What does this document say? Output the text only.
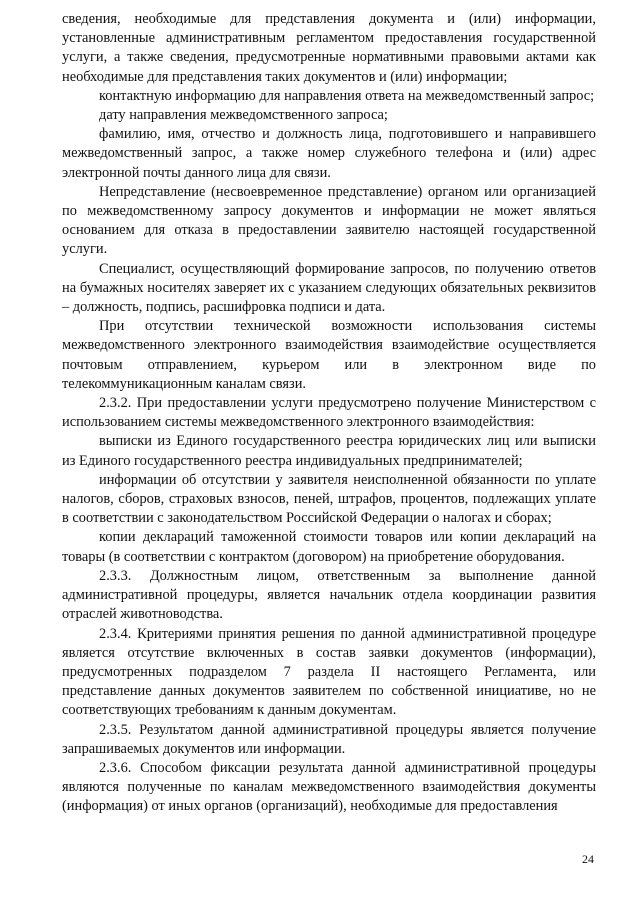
сведения, необходимые для представления документа и (или) информации, установленные административным регламентом предоставления государственной услуги, а также сведения, предусмотренные нормативными правовыми актами как необходимые для представления таких документов и (или) информации;

контактную информацию для направления ответа на межведомственный запрос;

дату направления межведомственного запроса;

фамилию, имя, отчество и должность лица, подготовившего и направившего межведомственный запрос, а также номер служебного телефона и (или) адрес электронной почты данного лица для связи.

Непредставление (несвоевременное представление) органом или организацией по межведомственному запросу документов и информации не может являться основанием для отказа в предоставлении заявителю настоящей государственной услуги.

Специалист, осуществляющий формирование запросов, по получению ответов на бумажных носителях заверяет их с указанием следующих обязательных реквизитов – должность, подпись, расшифровка подписи и дата.

При отсутствии технической возможности использования системы межведомственного электронного взаимодействия взаимодействие осуществляется почтовым отправлением, курьером или в электронном виде по телекоммуникационным каналам связи.

2.3.2. При предоставлении услуги предусмотрено получение Министерством с использованием системы межведомственного электронного взаимодействия:

выписки из Единого государственного реестра юридических лиц или выписки из Единого государственного реестра индивидуальных предпринимателей;

информации об отсутствии у заявителя неисполненной обязанности по уплате налогов, сборов, страховых взносов, пеней, штрафов, процентов, подлежащих уплате в соответствии с законодательством Российской Федерации о налогах и сборах;

копии деклараций таможенной стоимости товаров или копии деклараций на товары (в соответствии с контрактом (договором) на приобретение оборудования.

2.3.3. Должностным лицом, ответственным за выполнение данной административной процедуры, является начальник отдела координации развития отраслей животноводства.

2.3.4. Критериями принятия решения по данной административной процедуре является отсутствие включенных в состав заявки документов (информации), предусмотренных подразделом 7 раздела II настоящего Регламента, или представление данных документов заявителем по собственной инициативе, но не соответствующих требованиям к данным документам.

2.3.5. Результатом данной административной процедуры является получение запрашиваемых документов или информации.

2.3.6. Способом фиксации результата данной административной процедуры являются полученные по каналам межведомственного взаимодействия документы (информация) от иных органов (организаций), необходимые для предоставления

24
